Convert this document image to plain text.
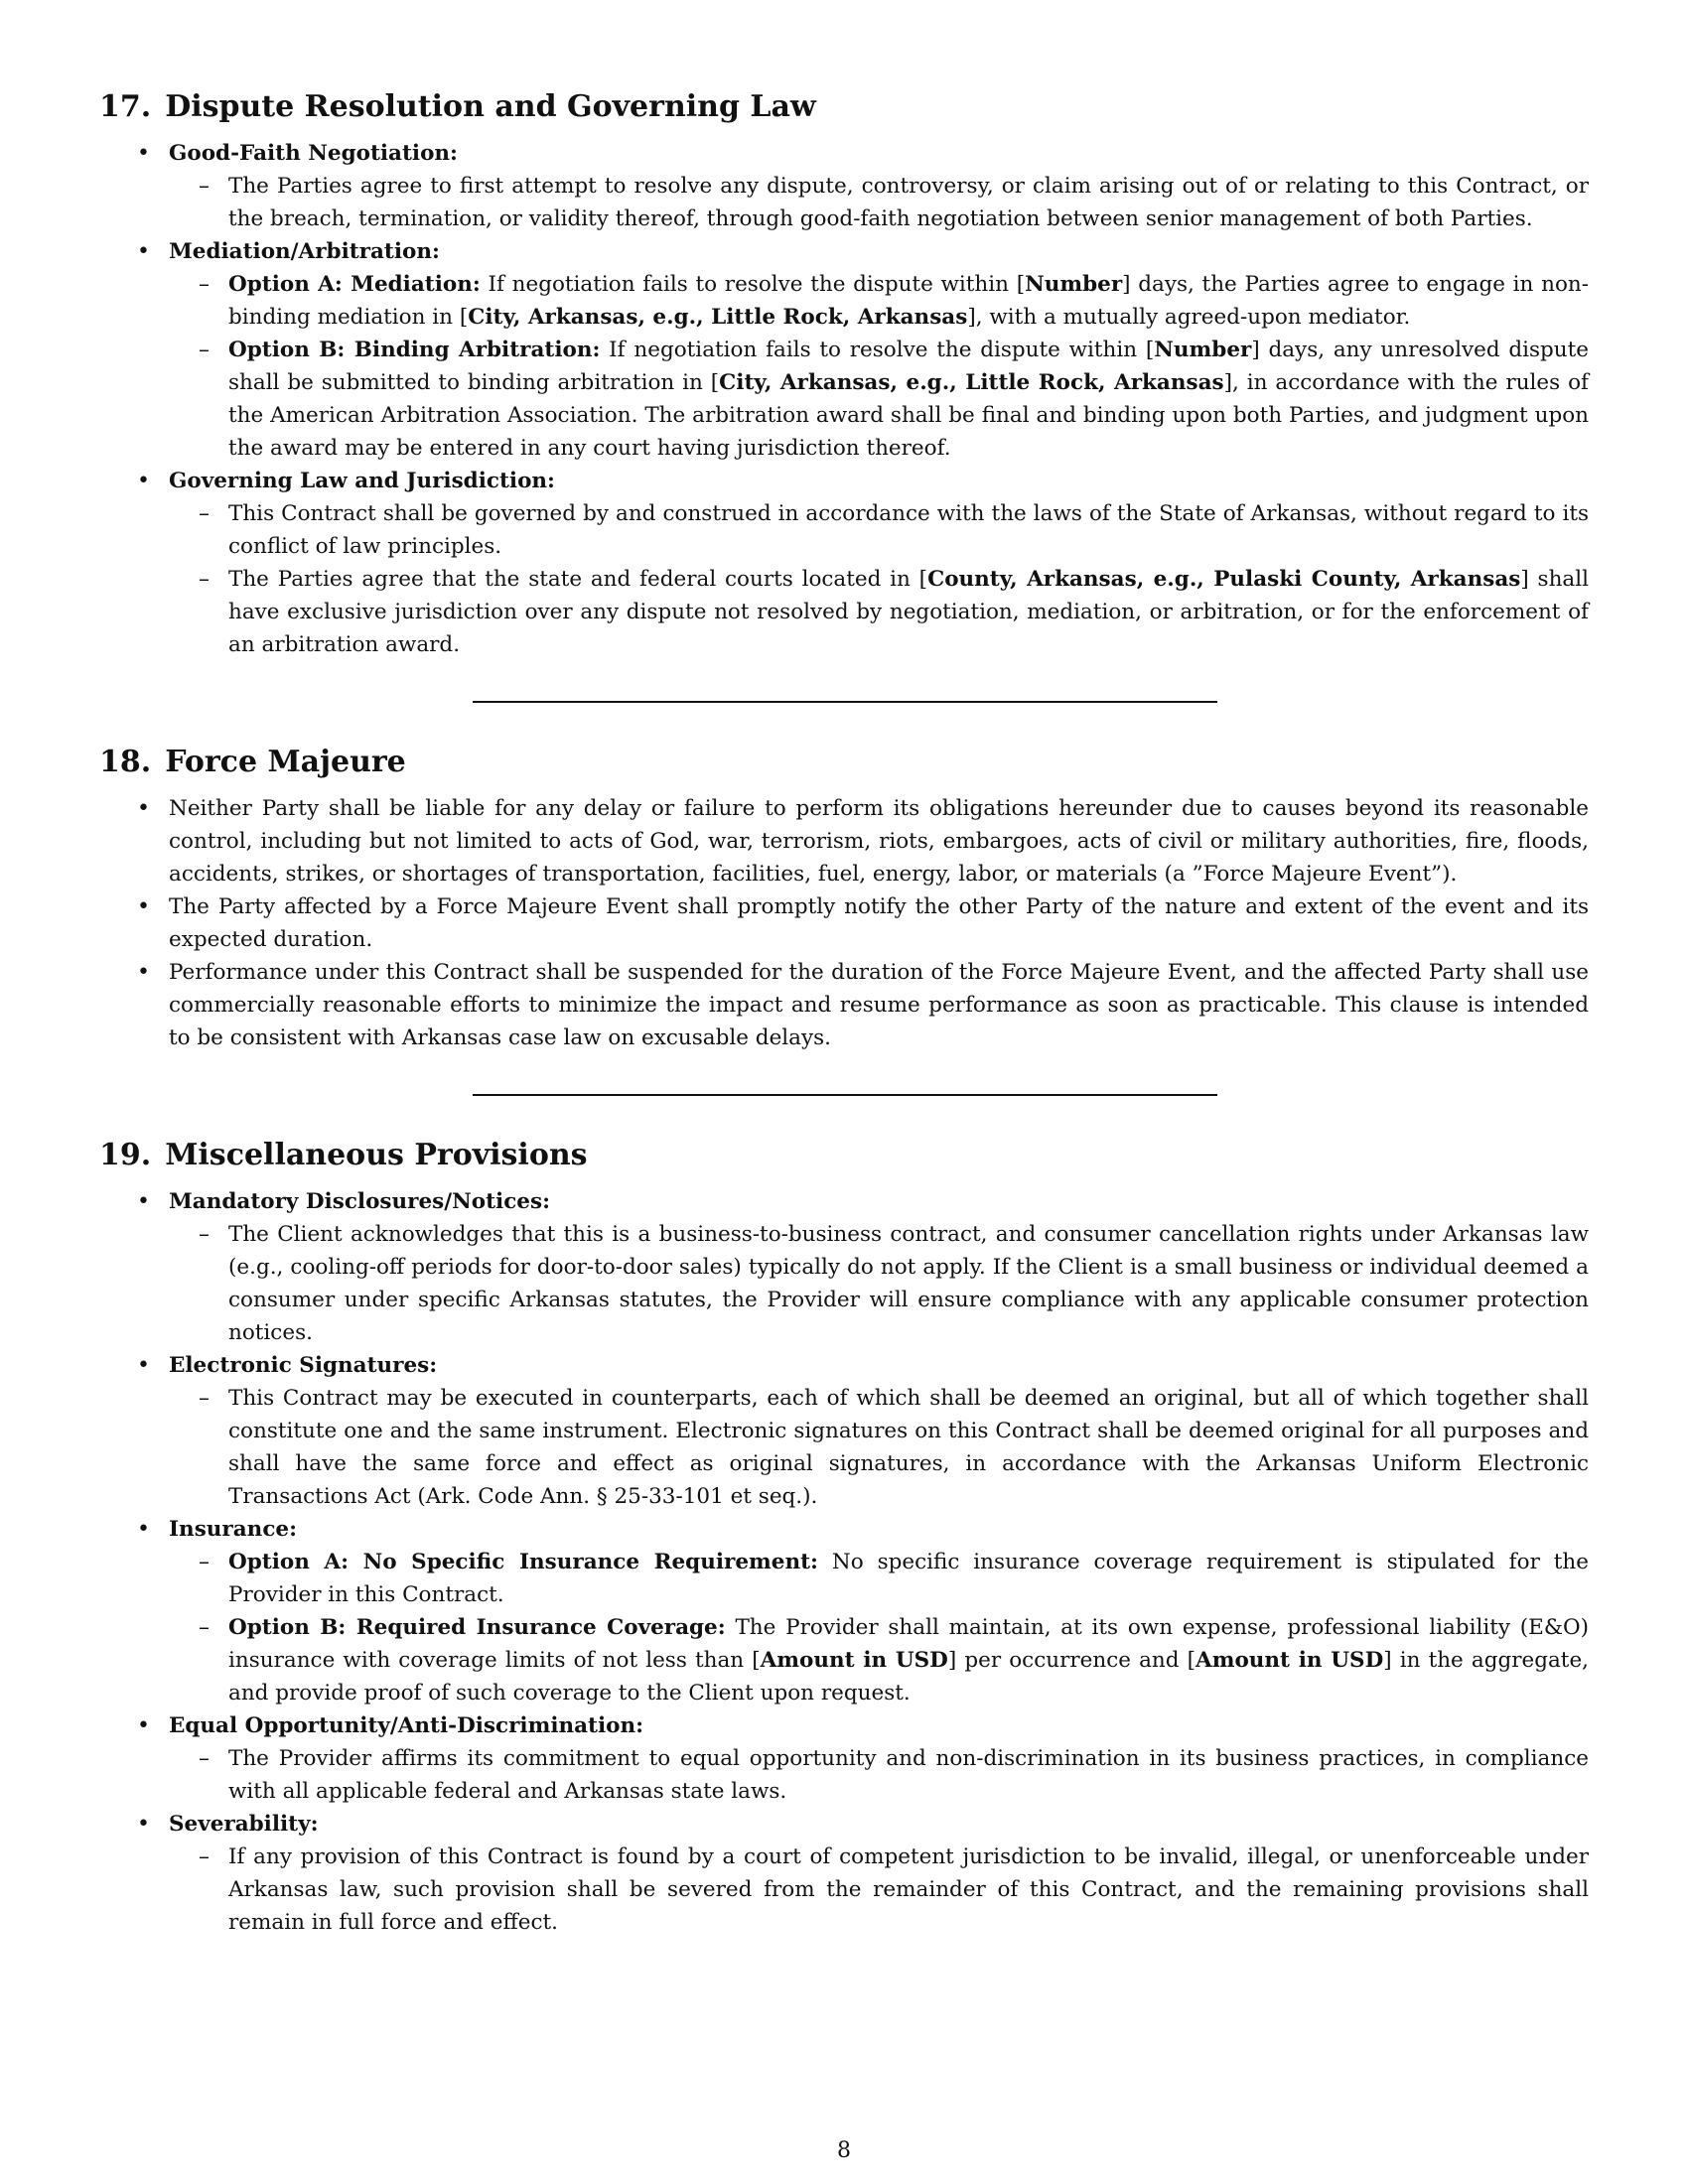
17. Dispute Resolution and Governing Law
• Good-Faith Negotiation:
– The Parties agree to first attempt to resolve any dispute, controversy, or claim arising out of or relating to this Contract, or the breach, termination, or validity thereof, through good-faith negotiation between senior management of both Parties.
• Mediation/Arbitration:
– Option A: Mediation: If negotiation fails to resolve the dispute within [Number] days, the Parties agree to engage in non-binding mediation in [City, Arkansas, e.g., Little Rock, Arkansas], with a mutually agreed-upon mediator.
– Option B: Binding Arbitration: If negotiation fails to resolve the dispute within [Number] days, any unresolved dispute shall be submitted to binding arbitration in [City, Arkansas, e.g., Little Rock, Arkansas], in accordance with the rules of the American Arbitration Association. The arbitration award shall be final and binding upon both Parties, and judgment upon the award may be entered in any court having jurisdiction thereof.
• Governing Law and Jurisdiction:
– This Contract shall be governed by and construed in accordance with the laws of the State of Arkansas, without regard to its conflict of law principles.
– The Parties agree that the state and federal courts located in [County, Arkansas, e.g., Pulaski County, Arkansas] shall have exclusive jurisdiction over any dispute not resolved by negotiation, mediation, or arbitration, or for the enforcement of an arbitration award.
18. Force Majeure
• Neither Party shall be liable for any delay or failure to perform its obligations hereunder due to causes beyond its reasonable control, including but not limited to acts of God, war, terrorism, riots, embargoes, acts of civil or military authorities, fire, floods, accidents, strikes, or shortages of transportation, facilities, fuel, energy, labor, or materials (a ”Force Majeure Event”).
• The Party affected by a Force Majeure Event shall promptly notify the other Party of the nature and extent of the event and its expected duration.
• Performance under this Contract shall be suspended for the duration of the Force Majeure Event, and the affected Party shall use commercially reasonable efforts to minimize the impact and resume performance as soon as practicable. This clause is intended to be consistent with Arkansas case law on excusable delays.
19. Miscellaneous Provisions
• Mandatory Disclosures/Notices:
– The Client acknowledges that this is a business-to-business contract, and consumer cancellation rights under Arkansas law (e.g., cooling-off periods for door-to-door sales) typically do not apply. If the Client is a small business or individual deemed a consumer under specific Arkansas statutes, the Provider will ensure compliance with any applicable consumer protection notices.
• Electronic Signatures:
– This Contract may be executed in counterparts, each of which shall be deemed an original, but all of which together shall constitute one and the same instrument. Electronic signatures on this Contract shall be deemed original for all purposes and shall have the same force and effect as original signatures, in accordance with the Arkansas Uniform Electronic Transactions Act (Ark. Code Ann. § 25-33-101 et seq.).
• Insurance:
– Option A: No Specific Insurance Requirement: No specific insurance coverage requirement is stipulated for the Provider in this Contract.
– Option B: Required Insurance Coverage: The Provider shall maintain, at its own expense, professional liability (E&O) insurance with coverage limits of not less than [Amount in USD] per occurrence and [Amount in USD] in the aggregate, and provide proof of such coverage to the Client upon request.
• Equal Opportunity/Anti-Discrimination:
– The Provider affirms its commitment to equal opportunity and non-discrimination in its business practices, in compliance with all applicable federal and Arkansas state laws.
• Severability:
– If any provision of this Contract is found by a court of competent jurisdiction to be invalid, illegal, or unenforceable under Arkansas law, such provision shall be severed from the remainder of this Contract, and the remaining provisions shall remain in full force and effect.
8
